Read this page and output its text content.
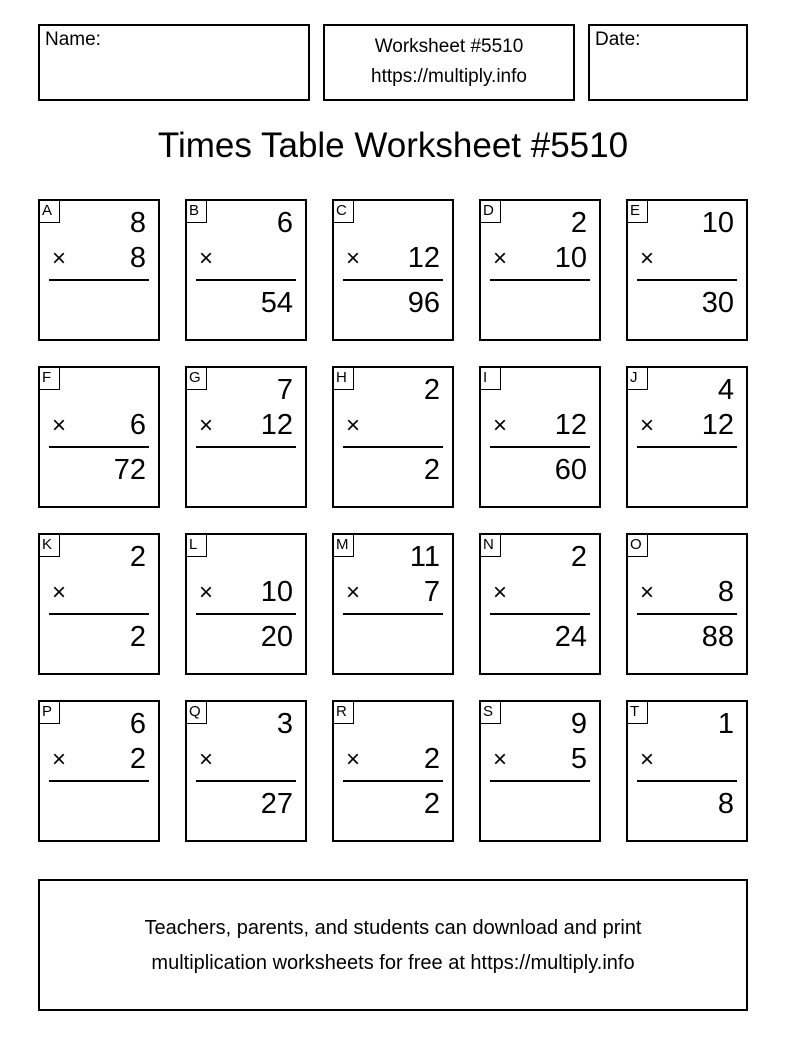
Name:	Worksheet #5510
https://multiply.info
Date:
Times Table Worksheet #5510
A	8
× 8
B	6
×
54
C
× 12
96
D	2
× 10
E 10
×
30
F
× 6
72
G	7
× 12
H	2
×
2
I
× 12
60
J	4
× 12
K	2
×
2
L
× 10
20
M 11
× 7
N	2
×
24
O
× 8
88
P	6
× 2
Q	3
×
27
R
× 2
2
S	9
× 5
T	1
×
8
Teachers, parents, and students can download and print
multiplication worksheets for free at https://multiply.info
